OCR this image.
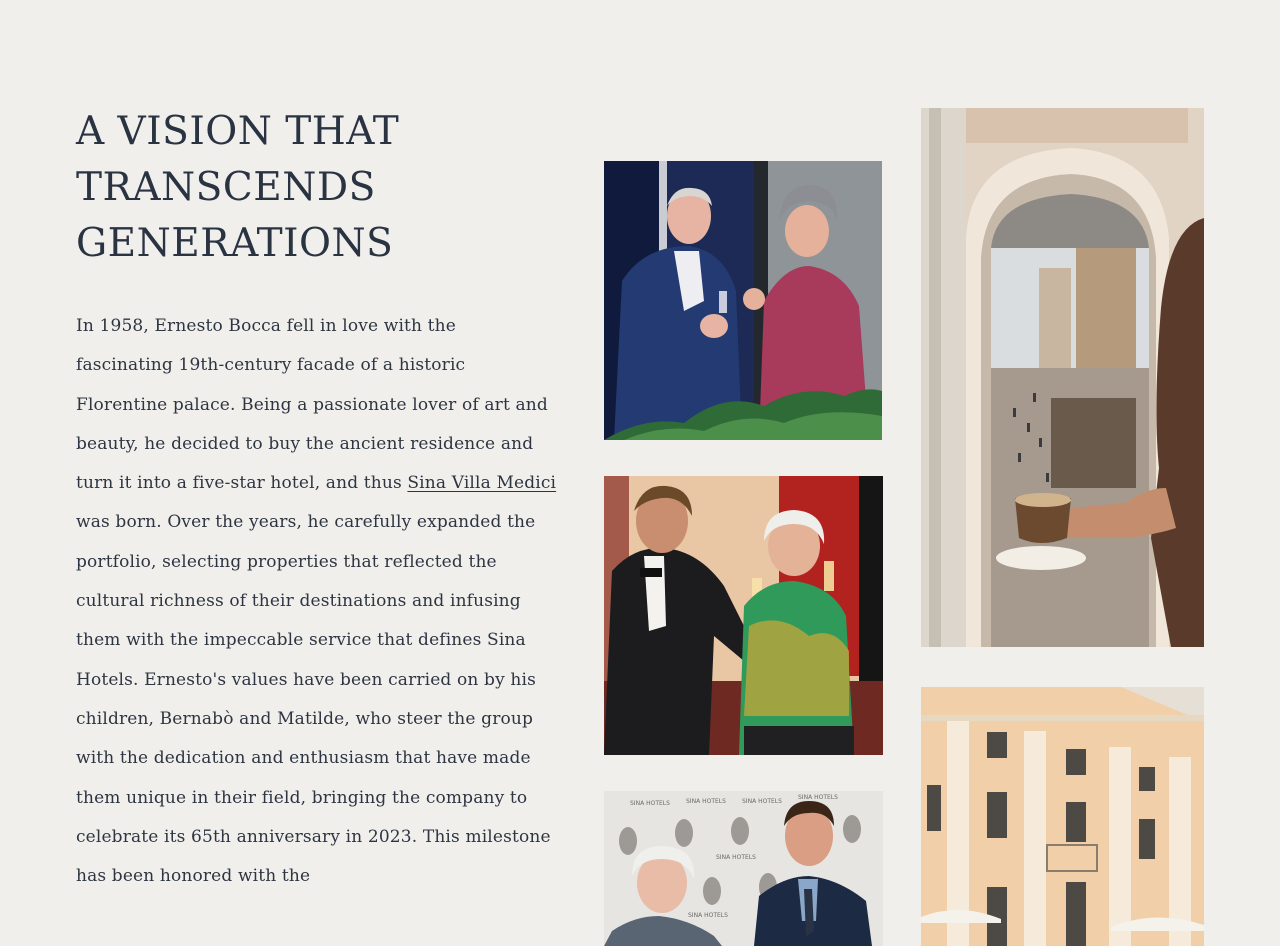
A VISION THAT
TRANSCENDS
GENERATIONS

In 1958, Ernesto Bocca fell in love with the fascinating 19th-century facade of a historic Florentine palace. Being a passionate lover of art and beauty, he decided to buy the ancient residence and turn it into a five-star hotel, and thus Sina Villa Medici was born. Over the years, he carefully expanded the portfolio, selecting properties that reflected the cultural richness of their destinations and infusing them with the impeccable service that defines Sina Hotels. Ernesto's values have been carried on by his children, Bernabò and Matilde, who steer the group with the dedication and enthusiasm that have made them unique in their field, bringing the company to celebrate its 65th anniversary in 2023. This milestone has been honored with the

SINA HOTELS	SINA HOTELS	SINA HOTELS
SINA HOTELS
SINA HOTELS
SINA HOTELS
